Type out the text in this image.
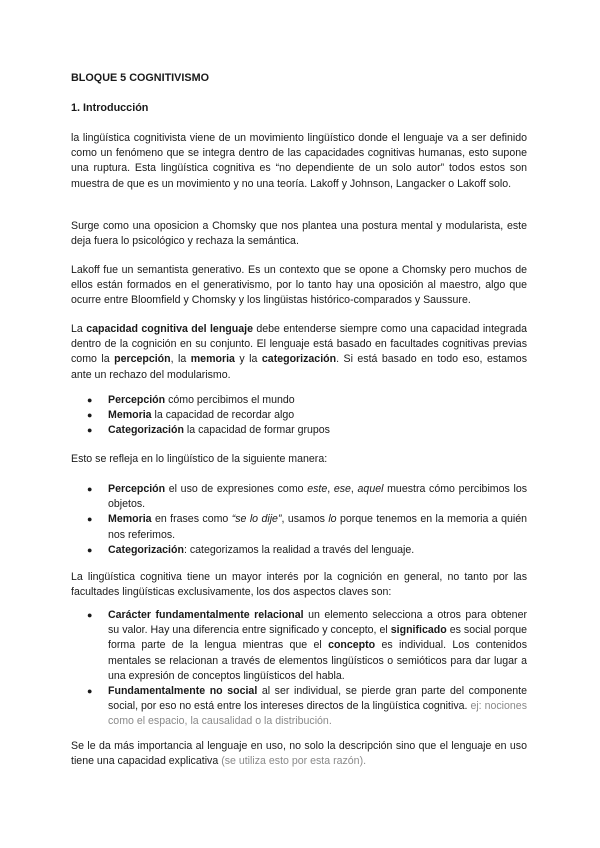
BLOQUE 5 COGNITIVISMO
1. Introducción

la lingüística cognitivista viene de un movimiento lingüístico donde el lenguaje va a ser definido como un fenómeno que se integra dentro de las capacidades cognitivas humanas, esto supone una ruptura. Esta lingüística cognitiva es “no dependiente de un solo autor” todos estos son muestra de que es un movimiento y no una teoría. Lakoff y Johnson, Langacker o Lakoff solo.

Surge como una oposicion a Chomsky que nos plantea una postura mental y modularista, este deja fuera lo psicológico y rechaza la semántica.

Lakoff fue un semantista generativo. Es un contexto que se opone a Chomsky pero muchos de ellos están formados en el generativismo, por lo tanto hay una oposición al maestro, algo que ocurre entre Bloomfield y Chomsky y los lingüistas histórico-comparados y Saussure.

La capacidad cognitiva del lenguaje debe entenderse siempre como una capacidad integrada dentro de la cognición en su conjunto. El lenguaje está basado en facultades cognitivas previas como la percepción, la memoria y la categorización. Si está basado en todo eso, estamos ante un rechazo del modularismo.

● Percepción cómo percibimos el mundo
● Memoria la capacidad de recordar algo
● Categorización la capacidad de formar grupos

Esto se refleja en lo lingüístico de la siguiente manera:

● Percepción el uso de expresiones como este, ese, aquel muestra cómo percibimos los objetos.
● Memoria en frases como “se lo dije”, usamos lo porque tenemos en la memoria a quién nos referimos.
● Categorización: categorizamos la realidad a través del lenguaje.

La lingüística cognitiva tiene un mayor interés por la cognición en general, no tanto por las facultades lingüísticas exclusivamente, los dos aspectos claves son:

● Carácter fundamentalmente relacional un elemento selecciona a otros para obtener su valor. Hay una diferencia entre significado y concepto, el significado es social porque forma parte de la lengua mientras que el concepto es individual. Los contenidos mentales se relacionan a través de elementos lingüísticos o semióticos para dar lugar a una expresión de conceptos lingüísticos del habla.
● Fundamentalmente no social al ser individual, se pierde gran parte del componente social, por eso no está entre los intereses directos de la lingüística cognitiva. ej: nociones como el espacio, la causalidad o la distribución.

Se le da más importancia al lenguaje en uso, no solo la descripción sino que el lenguaje en uso tiene una capacidad explicativa (se utiliza esto por esta razón).
